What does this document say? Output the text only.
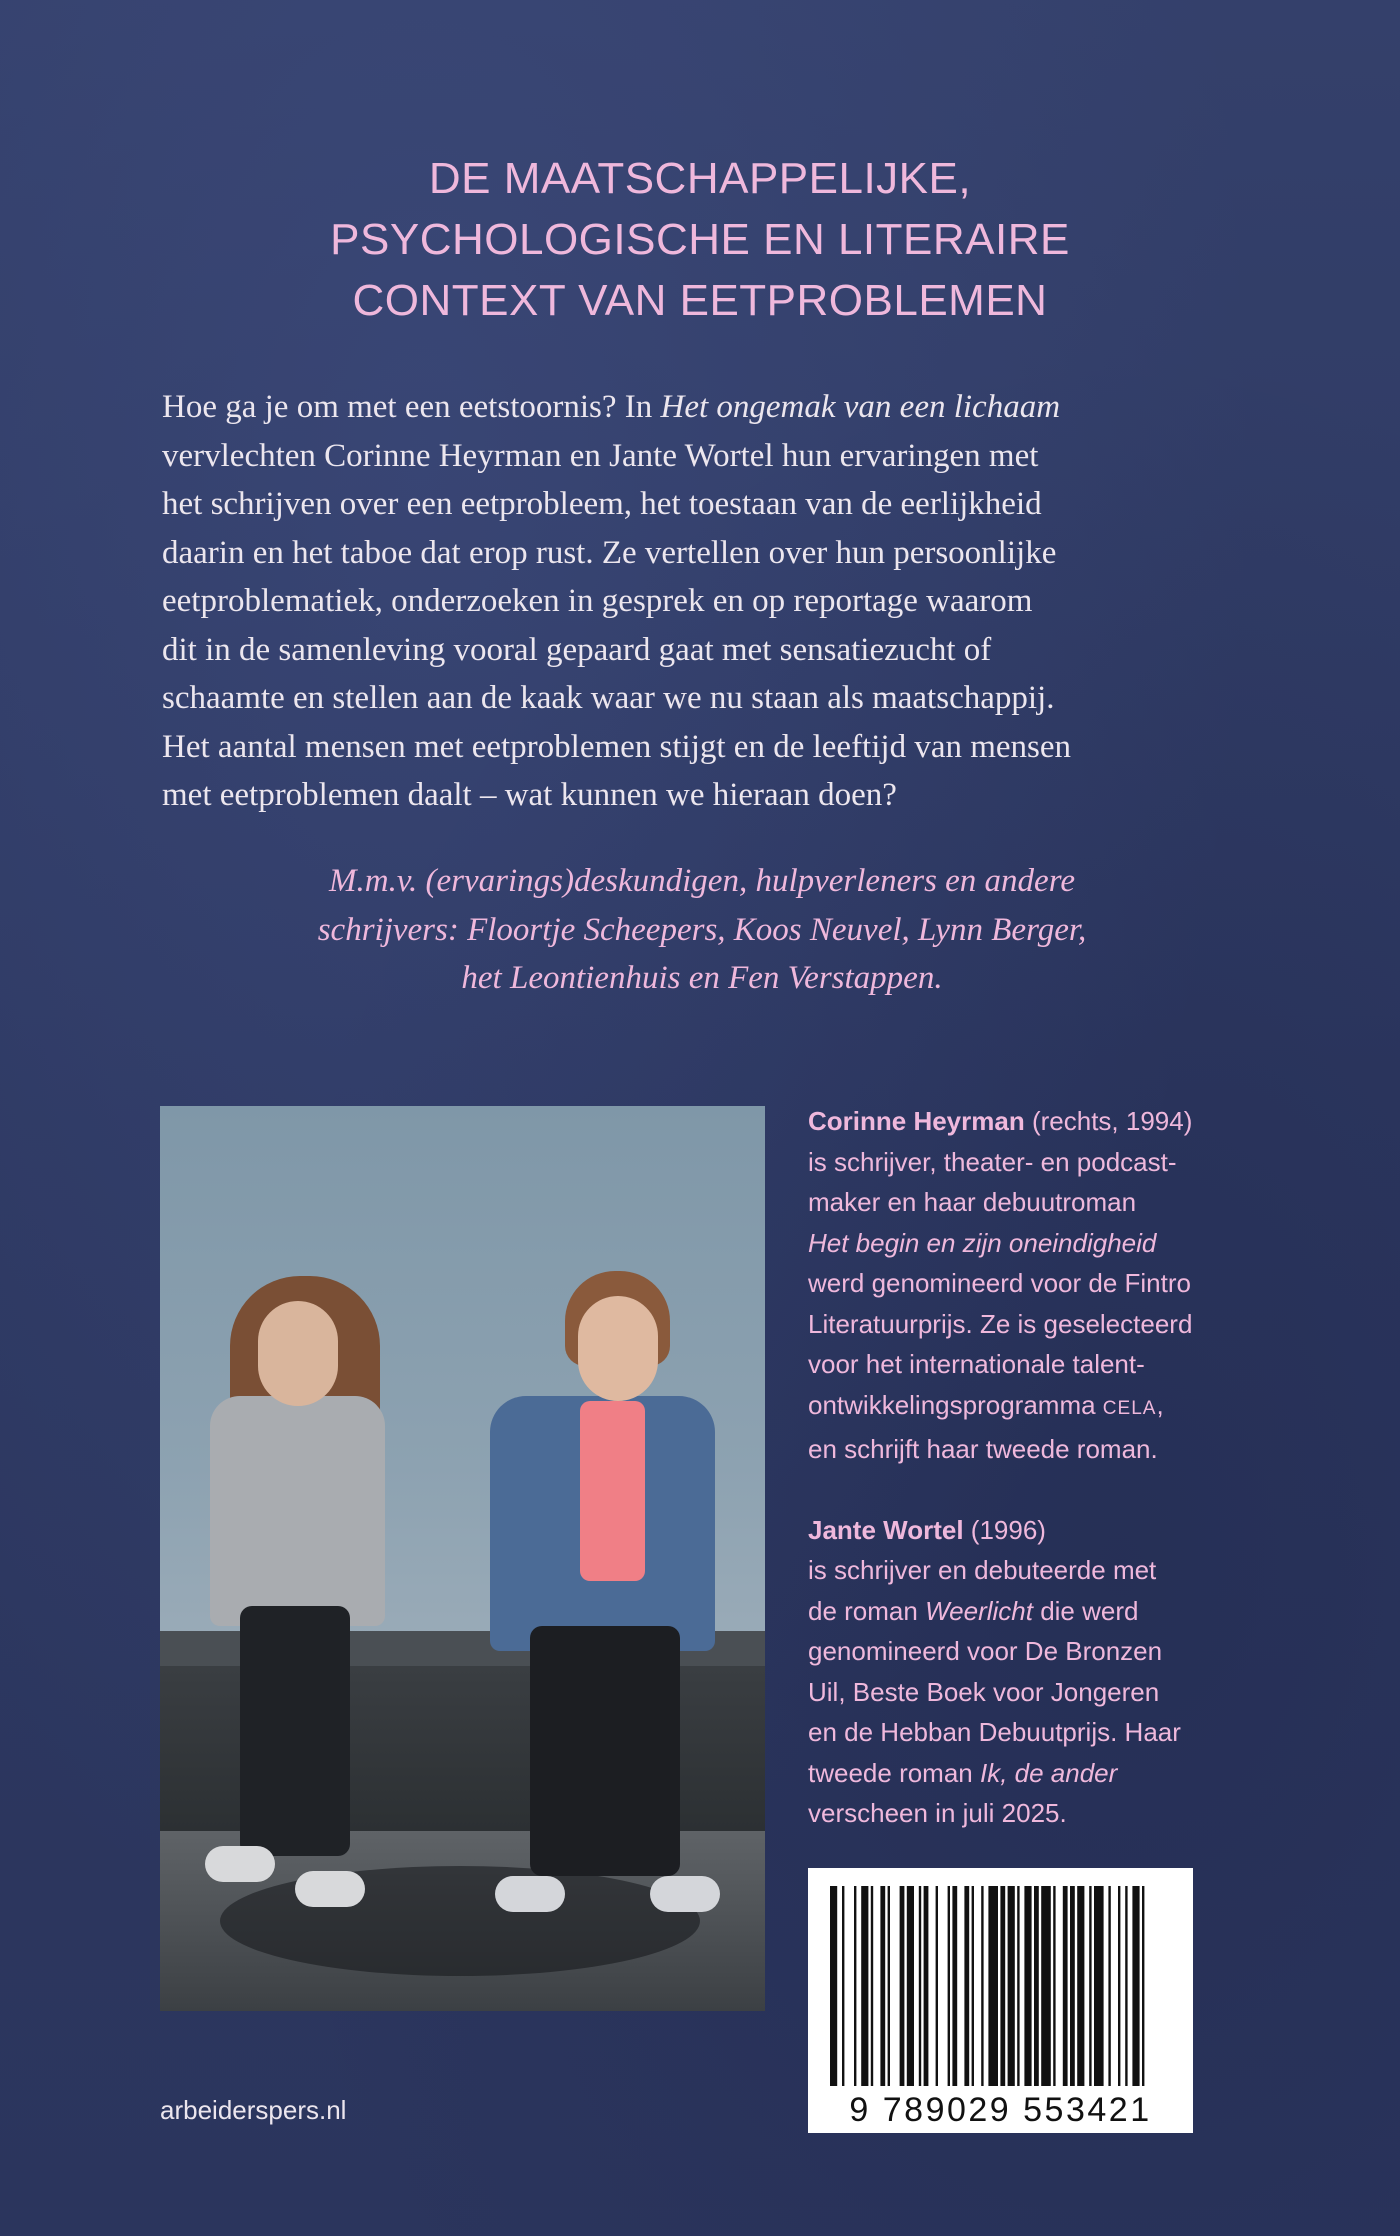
DE MAATSCHAPPELIJKE,
PSYCHOLOGISCHE EN LITERAIRE
CONTEXT VAN EETPROBLEMEN
Hoe ga je om met een eetstoornis? In Het ongemak van een lichaam
vervlechten Corinne Heyrman en Jante Wortel hun ervaringen met
het schrijven over een eetprobleem, het toestaan van de eerlijkheid
daarin en het taboe dat erop rust. Ze vertellen over hun persoonlijke
eetproblematiek, onderzoeken in gesprek en op reportage waarom
dit in de samenleving vooral gepaard gaat met sensatiezucht of
schaamte en stellen aan de kaak waar we nu staan als maatschappij.
Het aantal mensen met eetproblemen stijgt en de leeftijd van mensen
met eetproblemen daalt – wat kunnen we hieraan doen?
M.m.v. (ervarings)deskundigen, hulpverleners en andere
schrijvers: Floortje Scheepers, Koos Neuvel, Lynn Berger,
het Leontienhuis en Fen Verstappen.
Corinne Heyrman (rechts, 1994)
is schrijver, theater- en podcast-
maker en haar debuutroman
Het begin en zijn oneindigheid
werd genomineerd voor de Fintro
Literatuurprijs. Ze is geselecteerd
voor het internationale talent-
ontwikkelingsprogramma CELA,
en schrijft haar tweede roman.
Jante Wortel (1996)
is schrijver en debuteerde met
de roman Weerlicht die werd
genomineerd voor De Bronzen
Uil, Beste Boek voor Jongeren
en de Hebban Debuutprijs. Haar
tweede roman Ik, de ander
verscheen in juli 2025.
9 789029 553421
arbeiderspers.nl
